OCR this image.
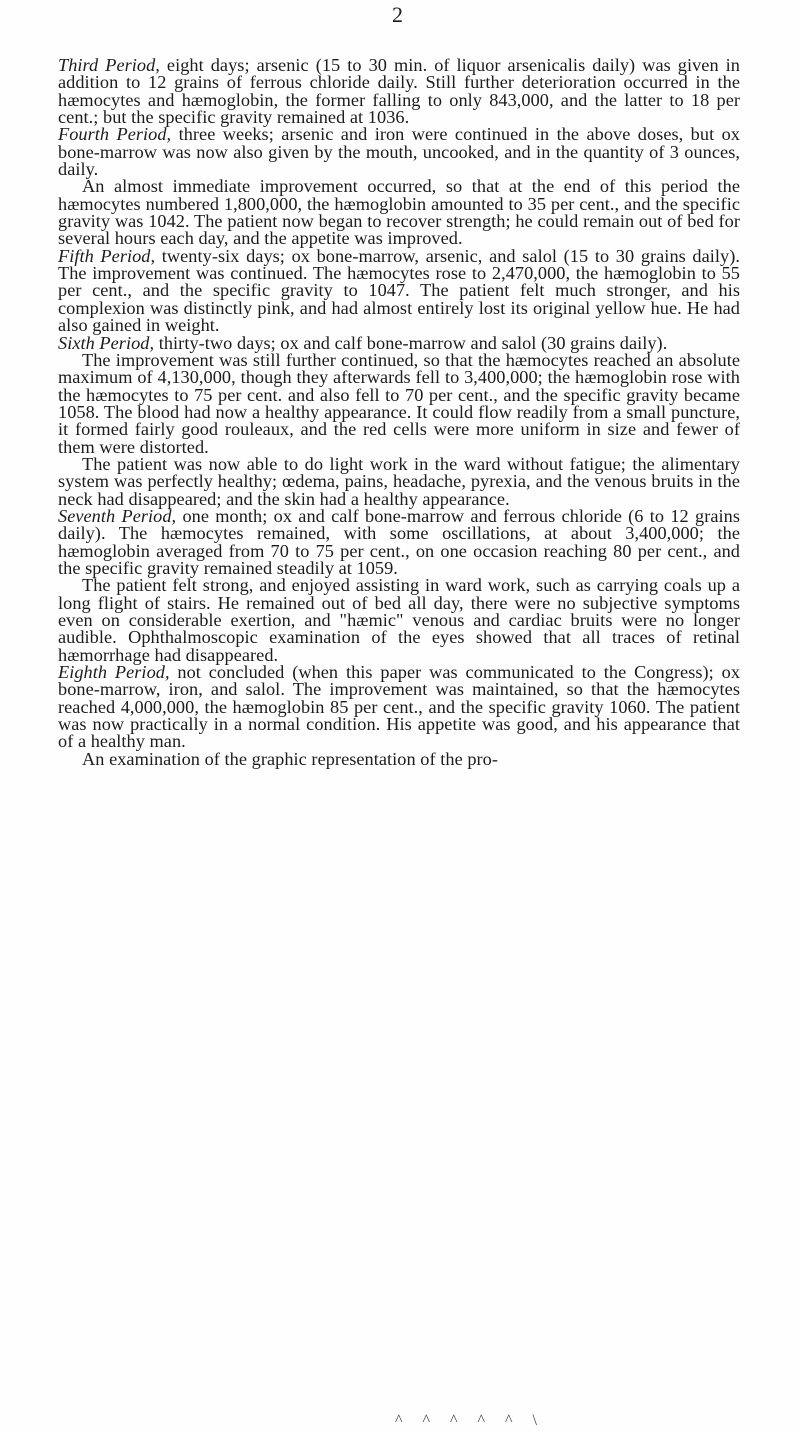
2

Third Period, eight days; arsenic (15 to 30 min. of liquor arsenicalis daily) was given in addition to 12 grains of ferrous chloride daily. Still further deterioration occurred in the hæmocytes and hæmoglobin, the former falling to only 843,000, and the latter to 18 per cent.; but the specific gravity remained at 1036.

Fourth Period, three weeks; arsenic and iron were continued in the above doses, but ox bone-marrow was now also given by the mouth, uncooked, and in the quantity of 3 ounces, daily.

An almost immediate improvement occurred, so that at the end of this period the hæmocytes numbered 1,800,000, the hæmoglobin amounted to 35 per cent., and the specific gravity was 1042. The patient now began to recover strength; he could remain out of bed for several hours each day, and the appetite was improved.

Fifth Period, twenty-six days; ox bone-marrow, arsenic, and salol (15 to 30 grains daily). The improvement was continued. The hæmocytes rose to 2,470,000, the hæmoglobin to 55 per cent., and the specific gravity to 1047. The patient felt much stronger, and his complexion was distinctly pink, and had almost entirely lost its original yellow hue. He had also gained in weight.

Sixth Period, thirty-two days; ox and calf bone-marrow and salol (30 grains daily).

The improvement was still further continued, so that the hæmocytes reached an absolute maximum of 4,130,000, though they afterwards fell to 3,400,000; the hæmoglobin rose with the hæmocytes to 75 per cent. and also fell to 70 per cent., and the specific gravity became 1058. The blood had now a healthy appearance. It could flow readily from a small puncture, it formed fairly good rouleaux, and the red cells were more uniform in size and fewer of them were distorted.

The patient was now able to do light work in the ward without fatigue; the alimentary system was perfectly healthy; œdema, pains, headache, pyrexia, and the venous bruits in the neck had disappeared; and the skin had a healthy appearance.

Seventh Period, one month; ox and calf bone-marrow and ferrous chloride (6 to 12 grains daily). The hæmocytes remained, with some oscillations, at about 3,400,000; the hæmoglobin averaged from 70 to 75 per cent., on one occasion reaching 80 per cent., and the specific gravity remained steadily at 1059.

The patient felt strong, and enjoyed assisting in ward work, such as carrying coals up a long flight of stairs. He remained out of bed all day, there were no subjective symptoms even on considerable exertion, and "hæmic" venous and cardiac bruits were no longer audible. Ophthalmoscopic examination of the eyes showed that all traces of retinal hæmorrhage had disappeared.

Eighth Period, not concluded (when this paper was communicated to the Congress); ox bone-marrow, iron, and salol. The improvement was maintained, so that the hæmocytes reached 4,000,000, the hæmoglobin 85 per cent., and the specific gravity 1060. The patient was now practically in a normal condition. His appetite was good, and his appearance that of a healthy man.

An examination of the graphic representation of the pro-

^ ^ ^ ^ ^ \
